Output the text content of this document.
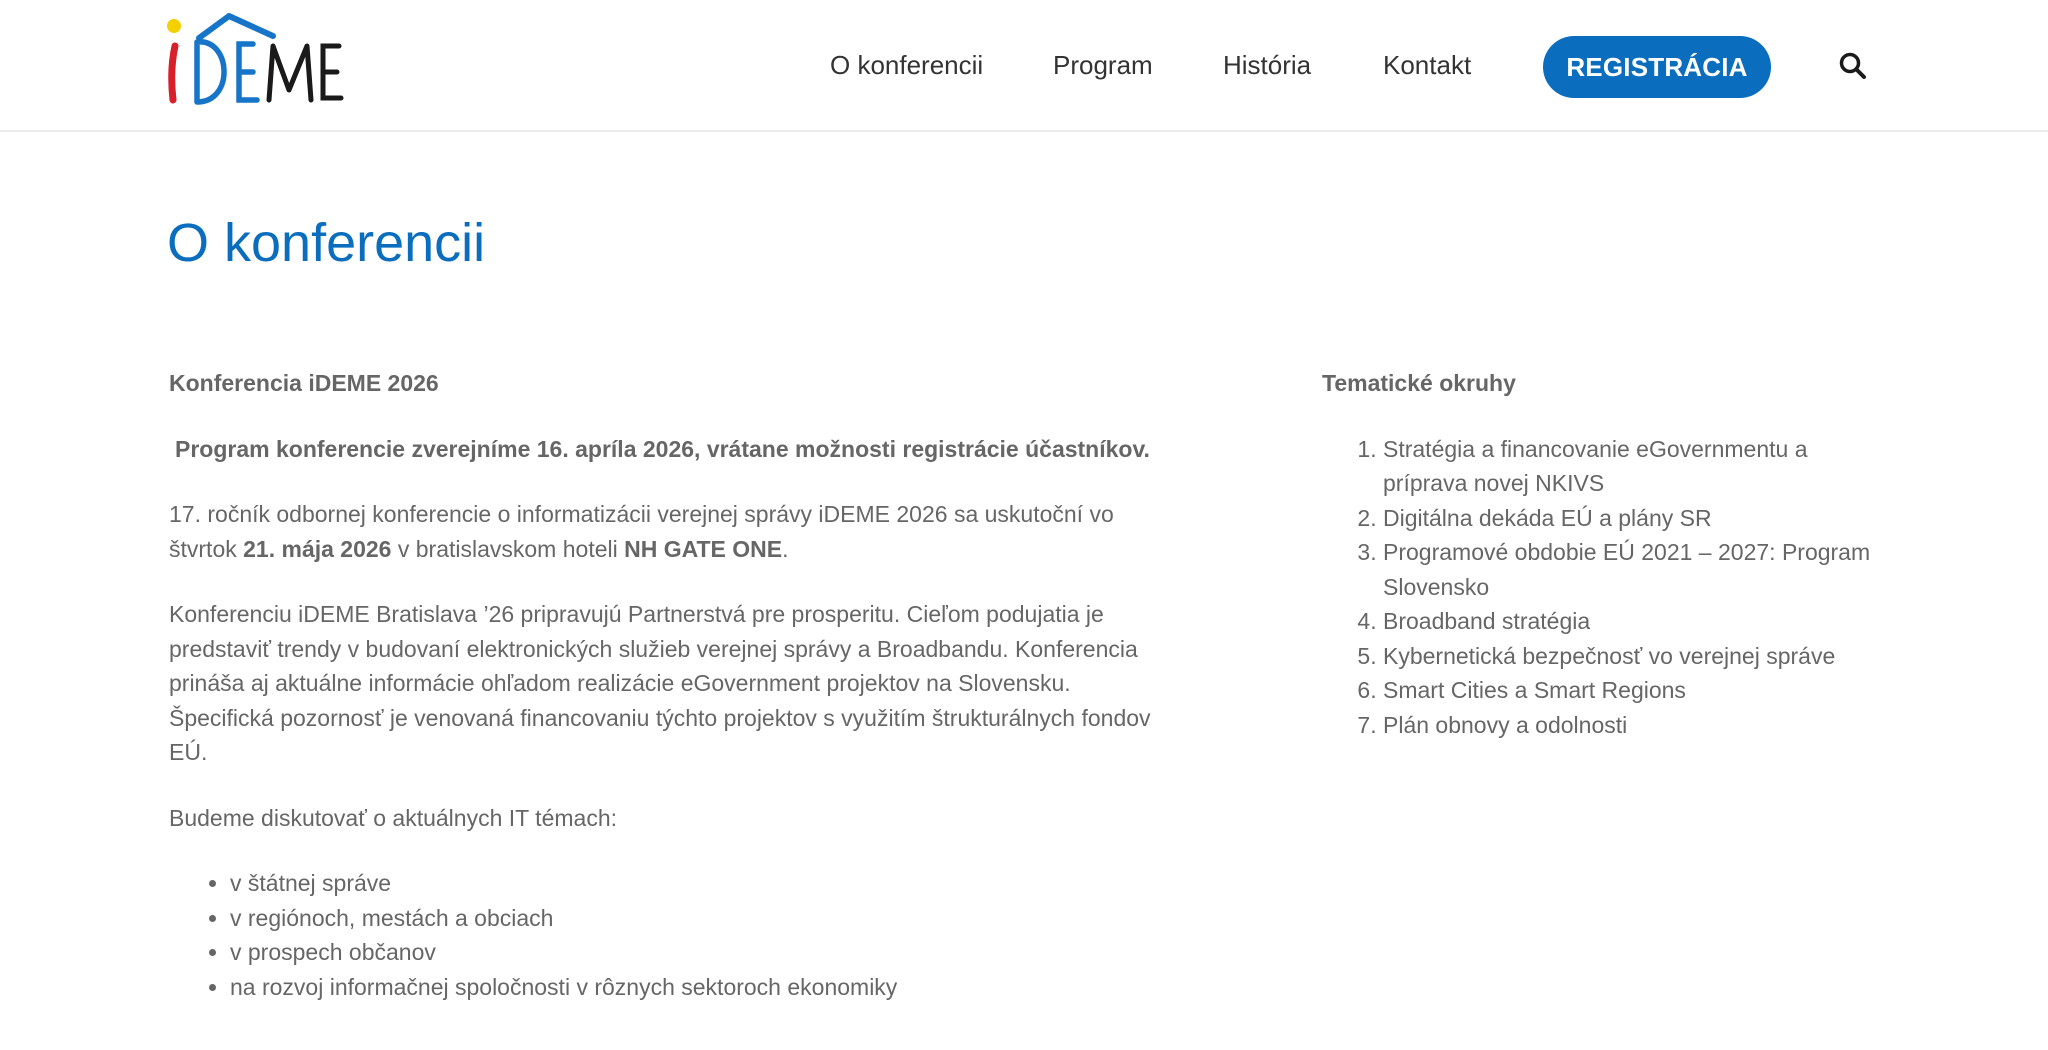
O konferencii	Program	História	Kontakt	REGISTRÁCIA
O konferencii

Konferencia iDEME 2026

Program konferencie zverejníme 16. apríla 2026, vrátane možnosti registrácie účastníkov.

17. ročník odbornej konferencie o informatizácii verejnej správy iDEME 2026 sa uskutoční vo štvrtok 21. mája 2026 v bratislavskom hoteli NH GATE ONE.

Konferenciu iDEME Bratislava ’26 pripravujú Partnerstvá pre prosperitu. Cieľom podujatia je predstaviť trendy v budovaní elektronických služieb verejnej správy a Broadbandu. Konferencia prináša aj aktuálne informácie ohľadom realizácie eGovernment projektov na Slovensku. Špecifická pozornosť je venovaná financovaniu týchto projektov s využitím štrukturálnych fondov EÚ.

Budeme diskutovať o aktuálnych IT témach:

• v štátnej správe
• v regiónoch, mestách a obciach
• v prospech občanov
• na rozvoj informačnej spoločnosti v rôznych sektoroch ekonomiky

Tematické okruhy

1. Stratégia a financovanie eGovernmentu a príprava novej NKIVS
2. Digitálna dekáda EÚ a plány SR
3. Programové obdobie EÚ 2021 – 2027: Program Slovensko
4. Broadband stratégia
5. Kybernetická bezpečnosť vo verejnej správe
6. Smart Cities a Smart Regions
7. Plán obnovy a odolnosti
